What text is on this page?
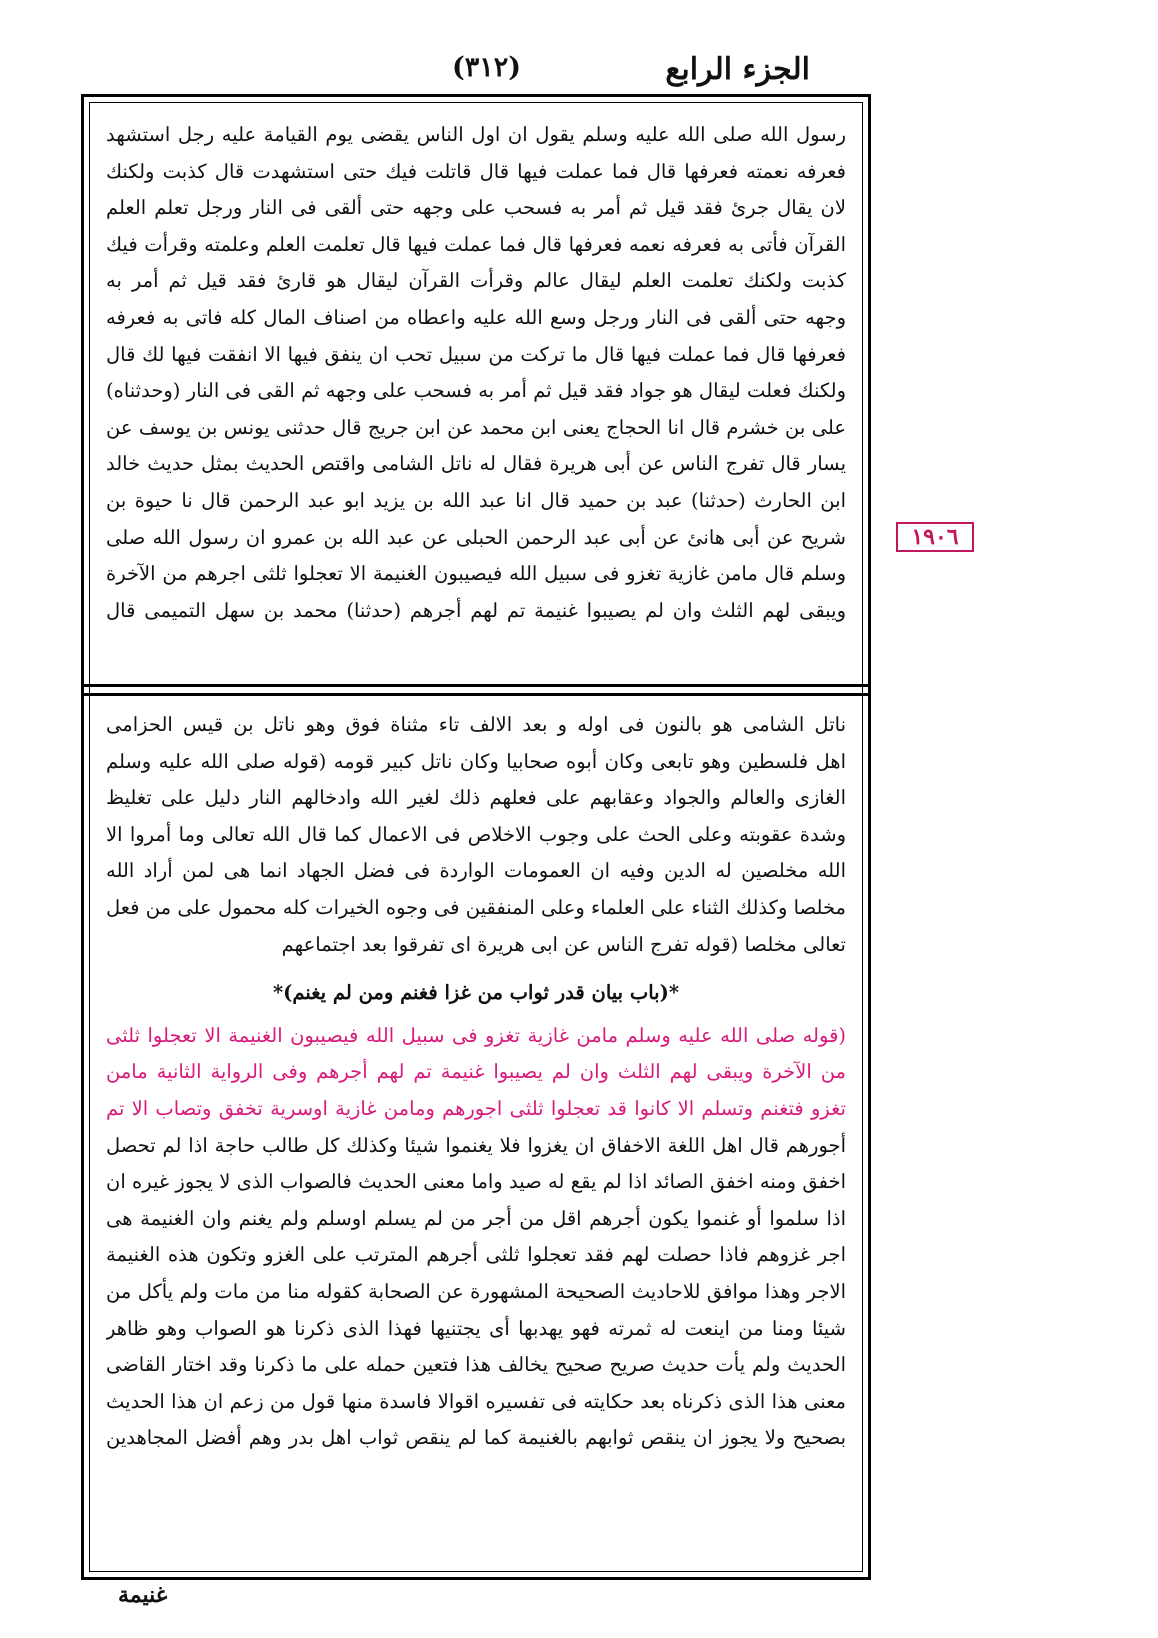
الجزء الرابع
(٣١٢)
١٩٠٦
رسول الله صلى الله عليه وسلم يقول ان اول الناس يقضى يوم القيامة عليه رجل استشهد
فعرفه نعمته فعرفها قال فما عملت فيها قال قاتلت فيك حتى استشهدت قال كذبت ولكنك
لان يقال جرئ فقد قيل ثم أمر به فسحب على وجهه حتى ألقى فى النار ورجل تعلم العلم
القرآن فأتى به فعرفه نعمه فعرفها قال فما عملت فيها قال تعلمت العلم وعلمته وقرأت فيك
كذبت ولكنك تعلمت العلم ليقال عالم وقرأت القرآن ليقال هو قارئ فقد قيل ثم أمر به
وجهه حتى ألقى فى النار ورجل وسع الله عليه واعطاه من اصناف المال كله فاتى به فعرفه
فعرفها قال فما عملت فيها قال ما تركت من سبيل تحب ان ينفق فيها الا انفقت فيها لك قال
ولكنك فعلت ليقال هو جواد فقد قيل ثم أمر به فسحب على وجهه ثم القى فى النار (وحدثناه)
على بن خشرم قال انا الحجاج يعنى ابن محمد عن ابن جريج قال حدثنى يونس بن يوسف عن
يسار قال تفرج الناس عن أبى هريرة فقال له ناتل الشامى واقتص الحديث بمثل حديث خالد
ابن الحارث (حدثنا) عبد بن حميد قال انا عبد الله بن يزيد ابو عبد الرحمن قال نا حيوة بن
شريح عن أبى هانئ عن أبى عبد الرحمن الحبلى عن عبد الله بن عمرو ان رسول الله صلى
وسلم قال مامن غازية تغزو فى سبيل الله فيصيبون الغنيمة الا تعجلوا ثلثى اجرهم من الآخرة
ويبقى لهم الثلث وان لم يصيبوا غنيمة تم لهم أجرهم (حدثنا) محمد بن سهل التميمى قال
ناتل الشامى هو بالنون فى اوله و بعد الالف تاء مثناة فوق وهو ناتل بن قيس الحزامى
اهل فلسطين وهو تابعى وكان أبوه صحابيا وكان ناتل كبير قومه (قوله صلى الله عليه وسلم
الغازى والعالم والجواد وعقابهم على فعلهم ذلك لغير الله وادخالهم النار دليل على تغليظ
وشدة عقوبته وعلى الحث على وجوب الاخلاص فى الاعمال كما قال الله تعالى وما أمروا الا
الله مخلصين له الدين وفيه ان العمومات الواردة فى فضل الجهاد انما هى لمن أراد الله
مخلصا وكذلك الثناء على العلماء وعلى المنفقين فى وجوه الخيرات كله محمول على من فعل
تعالى مخلصا (قوله تفرج الناس عن ابى هريرة اى تفرقوا بعد اجتماعهم
*(باب بيان قدر ثواب من غزا فغنم ومن لم يغنم)*
(قوله صلى الله عليه وسلم مامن غازية تغزو فى سبيل الله فيصيبون الغنيمة الا تعجلوا ثلثى
من الآخرة ويبقى لهم الثلث وان لم يصيبوا غنيمة تم لهم أجرهم وفى الرواية الثانية مامن
تغزو فتغنم وتسلم الا كانوا قد تعجلوا ثلثى اجورهم ومامن غازية اوسرية تخفق وتصاب الا تم
أجورهم قال اهل اللغة الاخفاق ان يغزوا فلا يغنموا شيئا وكذلك كل طالب حاجة اذا لم تحصل
اخفق ومنه اخفق الصائد اذا لم يقع له صيد واما معنى الحديث فالصواب الذى لا يجوز غيره ان
اذا سلموا أو غنموا يكون أجرهم اقل من أجر من لم يسلم اوسلم ولم يغنم وان الغنيمة هى
اجر غزوهم فاذا حصلت لهم فقد تعجلوا ثلثى أجرهم المترتب على الغزو وتكون هذه الغنيمة
الاجر وهذا موافق للاحاديث الصحيحة المشهورة عن الصحابة كقوله منا من مات ولم يأكل من
شيئا ومنا من اينعت له ثمرته فهو يهدبها أى يجتنيها فهذا الذى ذكرنا هو الصواب وهو ظاهر
الحديث ولم يأت حديث صريح صحيح يخالف هذا فتعين حمله على ما ذكرنا وقد اختار القاضى
معنى هذا الذى ذكرناه بعد حكايته فى تفسيره اقوالا فاسدة منها قول من زعم ان هذا الحديث
بصحيح ولا يجوز ان ينقص ثوابهم بالغنيمة كما لم ينقص ثواب اهل بدر وهم أفضل المجاهدين
غنيمة
